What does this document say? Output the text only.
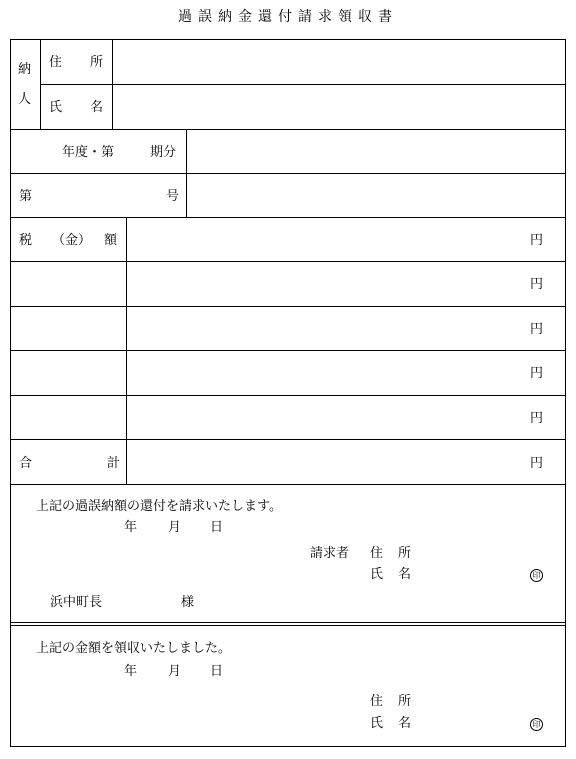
過誤納金還付請求領収書
納
人
住 所
氏 名
年度・第	期分
第	号
税 （金） 額	円
円
円
円
円
合	計	円
上記の過誤納額の還付を請求いたします。
年 月 日
請求者 住 所
氏 名	印
浜中町長	様
上記の金額を領収いたしました。
年 月 日
住 所
氏 名	印
